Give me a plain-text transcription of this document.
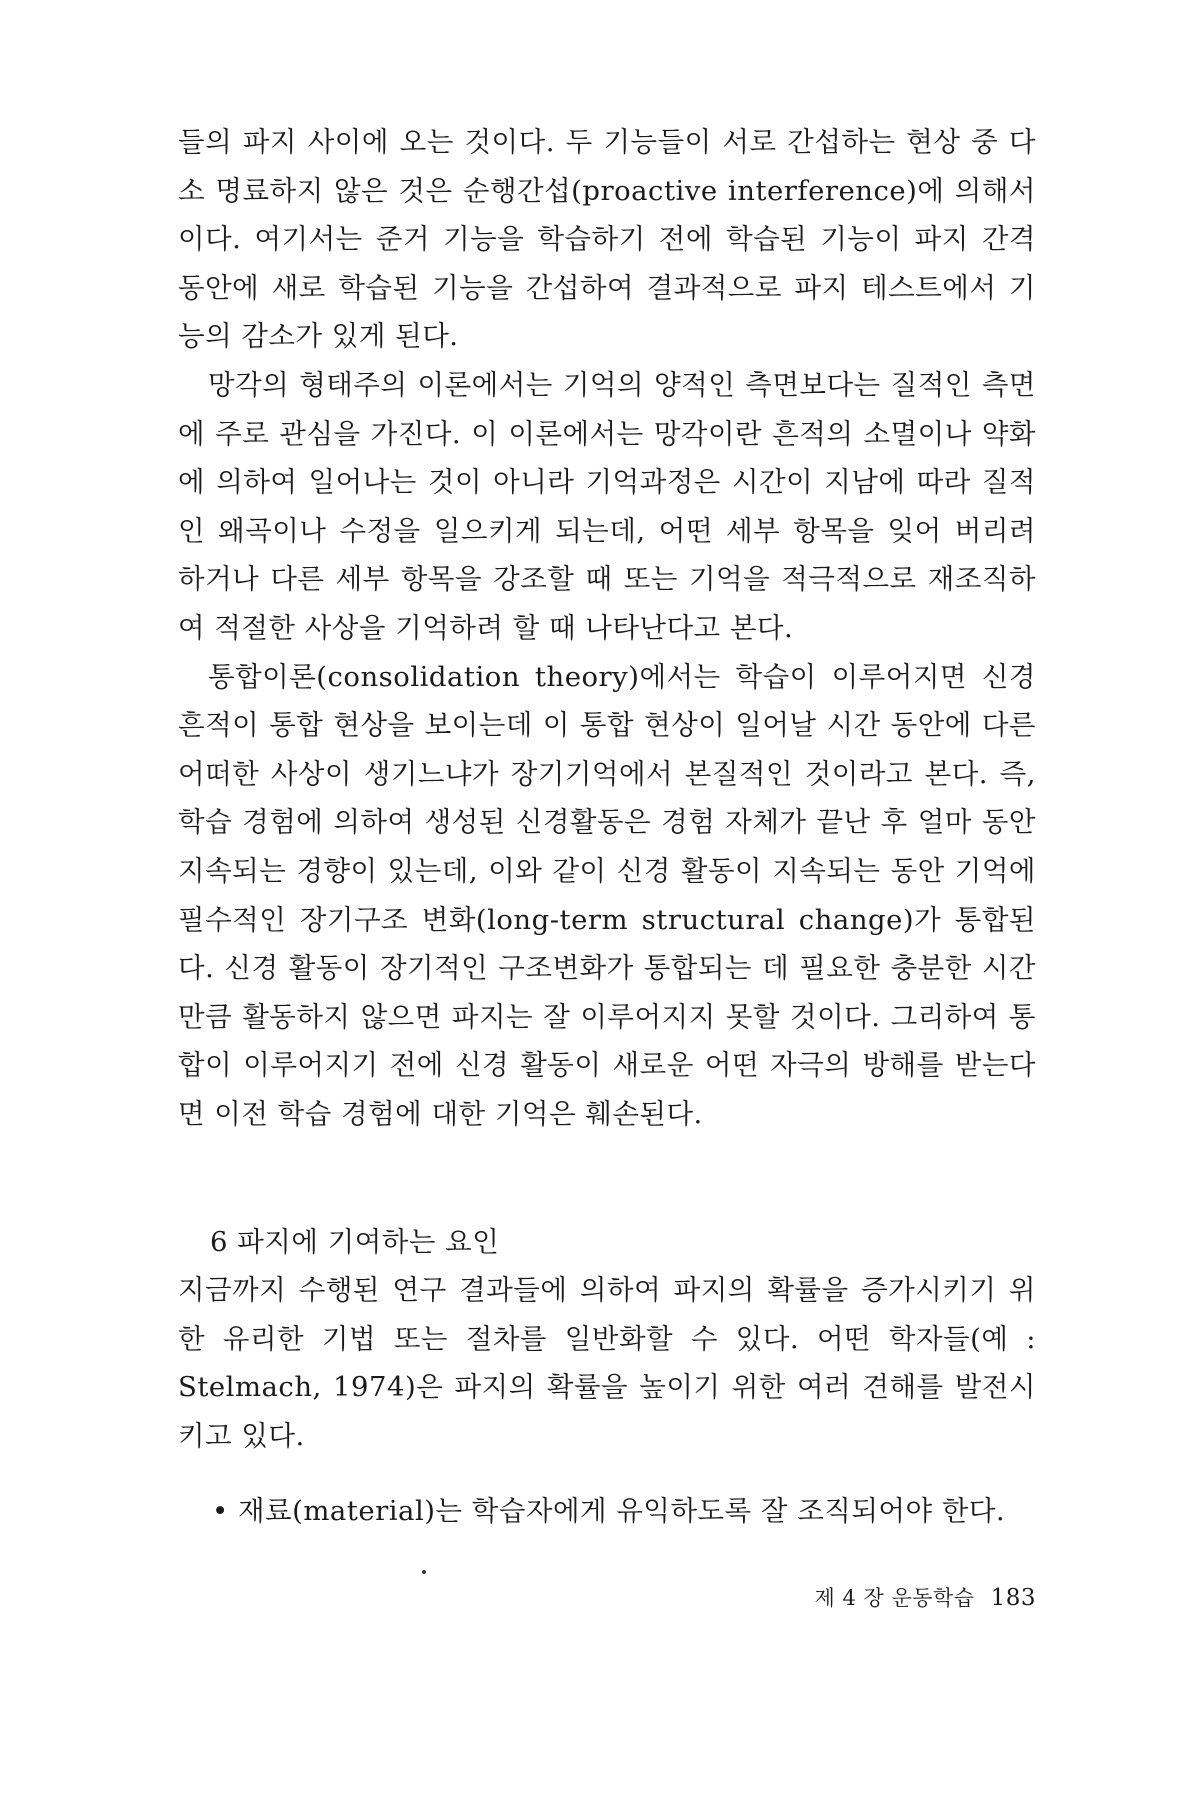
들의 파지 사이에 오는 것이다. 두 기능들이 서로 간섭하는 현상 중 다소 명료하지 않은 것은 순행간섭(proactive interference)에 의해서이다. 여기서는 준거 기능을 학습하기 전에 학습된 기능이 파지 간격 동안에 새로 학습된 기능을 간섭하여 결과적으로 파지 테스트에서 기능의 감소가 있게 된다.

망각의 형태주의 이론에서는 기억의 양적인 측면보다는 질적인 측면에 주로 관심을 가진다. 이 이론에서는 망각이란 흔적의 소멸이나 약화에 의하여 일어나는 것이 아니라 기억과정은 시간이 지남에 따라 질적인 왜곡이나 수정을 일으키게 되는데, 어떤 세부 항목을 잊어 버리려 하거나 다른 세부 항목을 강조할 때 또는 기억을 적극적으로 재조직하여 적절한 사상을 기억하려 할 때 나타난다고 본다.

통합이론(consolidation theory)에서는 학습이 이루어지면 신경 흔적이 통합 현상을 보이는데 이 통합 현상이 일어날 시간 동안에 다른 어떠한 사상이 생기느냐가 장기기억에서 본질적인 것이라고 본다. 즉, 학습 경험에 의하여 생성된 신경활동은 경험 자체가 끝난 후 얼마 동안 지속되는 경향이 있는데, 이와 같이 신경 활동이 지속되는 동안 기억에 필수적인 장기구조 변화(long-term structural change)가 통합된다. 신경 활동이 장기적인 구조변화가 통합되는 데 필요한 충분한 시간만큼 활동하지 않으면 파지는 잘 이루어지지 못할 것이다. 그리하여 통합이 이루어지기 전에 신경 활동이 새로운 어떤 자극의 방해를 받는다면 이전 학습 경험에 대한 기억은 훼손된다.

6 파지에 기여하는 요인

지금까지 수행된 연구 결과들에 의하여 파지의 확률을 증가시키기 위한 유리한 기법 또는 절차를 일반화할 수 있다. 어떤 학자들(예 : Stelmach, 1974)은 파지의 확률을 높이기 위한 여러 견해를 발전시키고 있다.

• 재료(material)는 학습자에게 유익하도록 잘 조직되어야 한다.

제 4 장 운동학습 183
